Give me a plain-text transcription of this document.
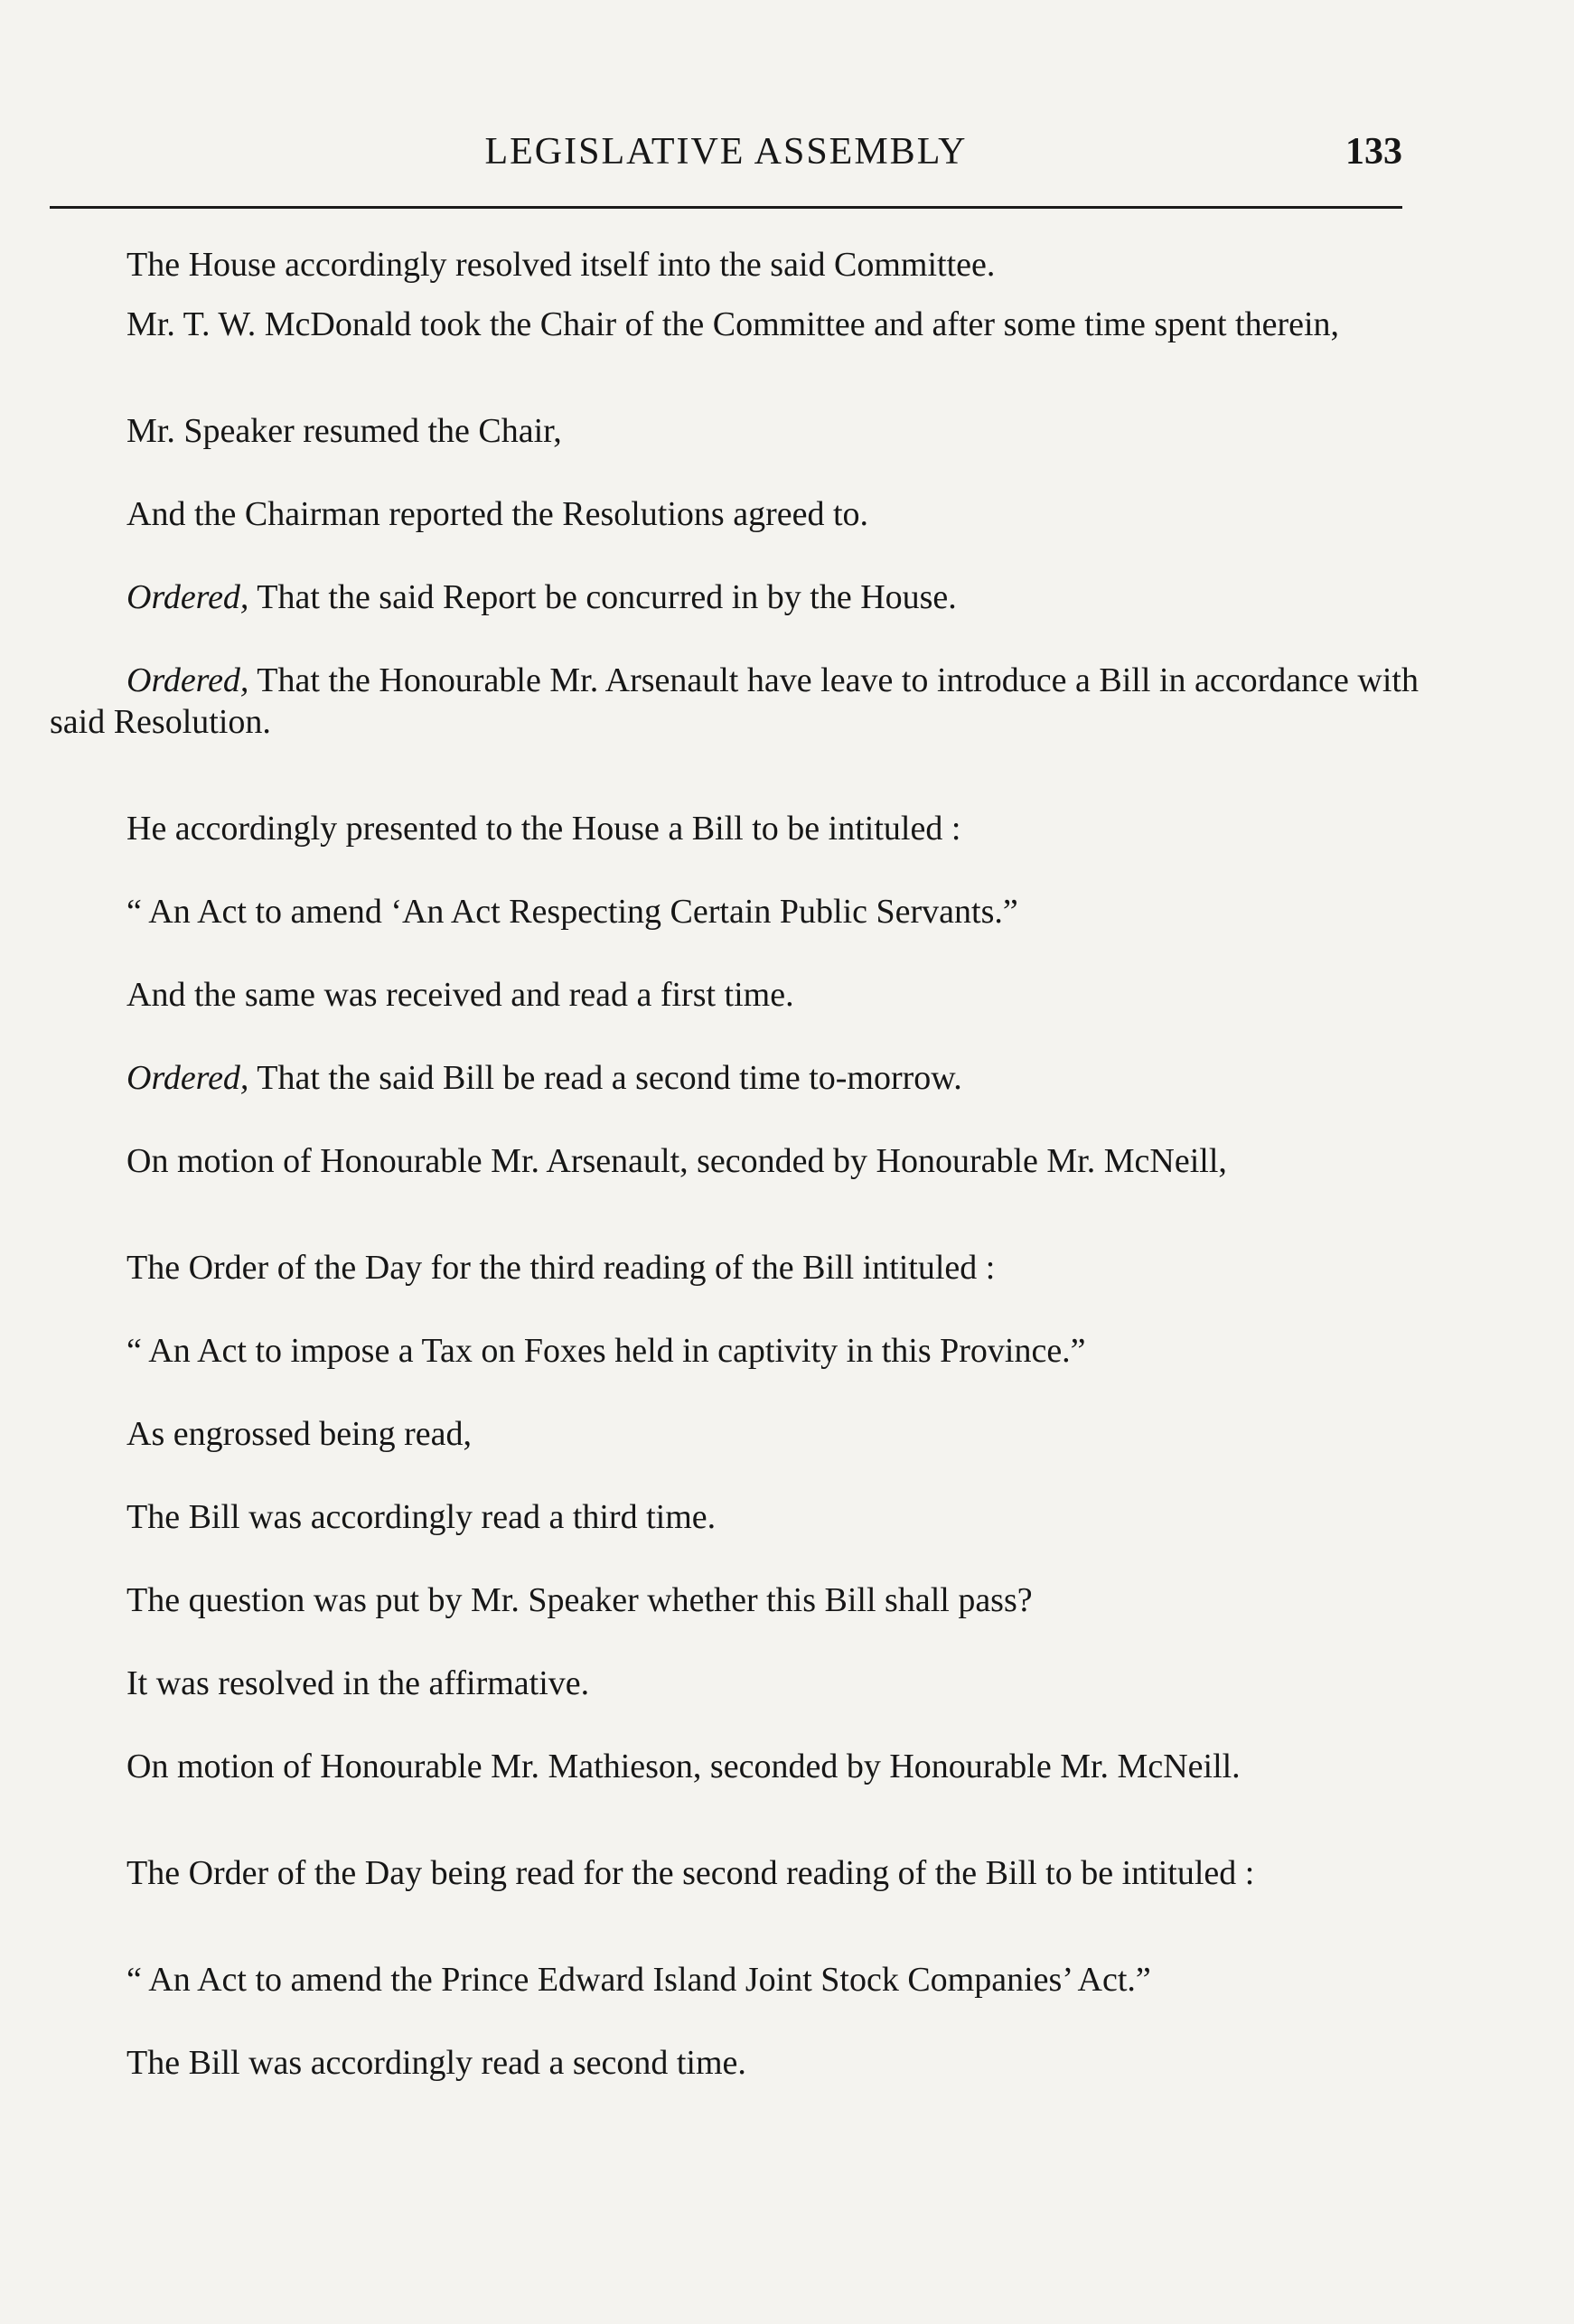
LEGISLATIVE ASSEMBLY	133

The House accordingly resolved itself into the said Committee.

Mr. T. W. McDonald took the Chair of the Committee and after some time spent therein,

Mr. Speaker resumed the Chair,

And the Chairman reported the Resolutions agreed to.

Ordered, That the said Report be concurred in by the House.

Ordered, That the Honourable Mr. Arsenault have leave to introduce a Bill in accordance with said Resolution.

He accordingly presented to the House a Bill to be intituled :

“ An Act to amend ‘An Act Respecting Certain Public Servants.”

And the same was received and read a first time.

Ordered, That the said Bill be read a second time to-morrow.

On motion of Honourable Mr. Arsenault, seconded by Honourable Mr. McNeill,

The Order of the Day for the third reading of the Bill intituled :

“ An Act to impose a Tax on Foxes held in captivity in this Province.”

As engrossed being read,

The Bill was accordingly read a third time.

The question was put by Mr. Speaker whether this Bill shall pass?

It was resolved in the affirmative.

On motion of Honourable Mr. Mathieson, seconded by Honourable Mr. McNeill.

The Order of the Day being read for the second reading of the Bill to be intituled :

“ An Act to amend the Prince Edward Island Joint Stock Companies’ Act.”

The Bill was accordingly read a second time.
